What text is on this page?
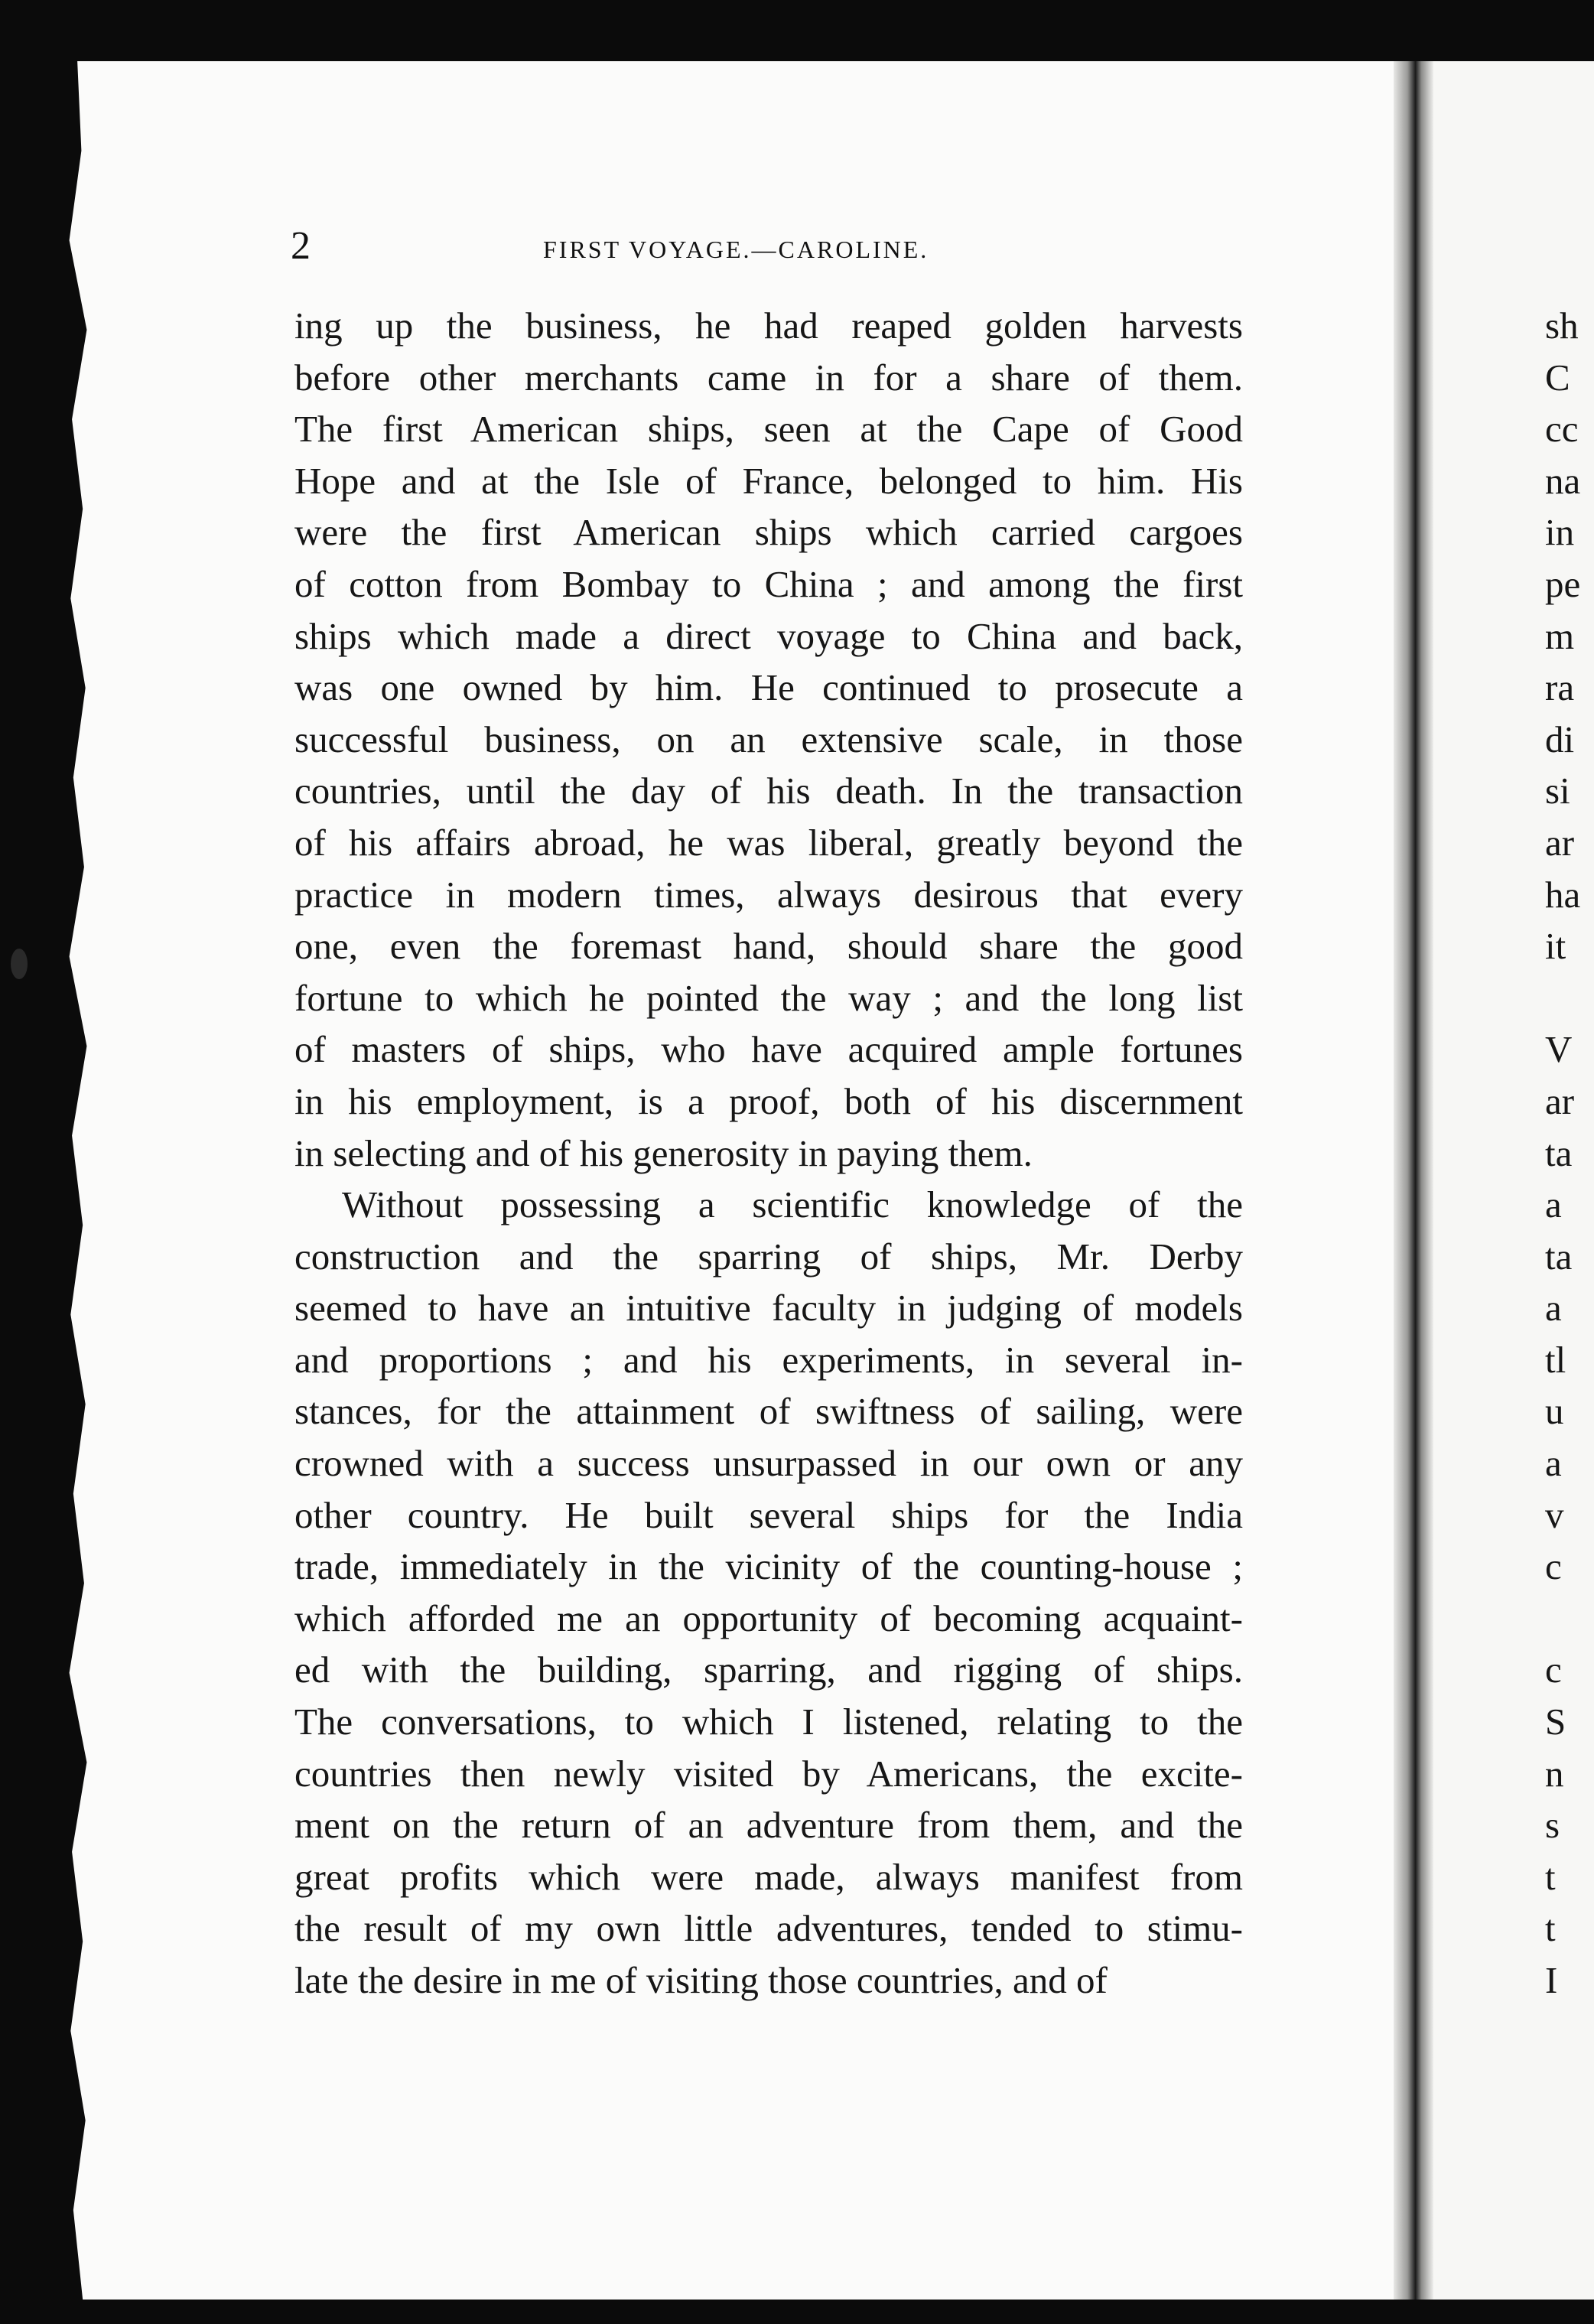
2	FIRST VOYAGE.—CAROLINE.
ing up the business, he had reaped golden harvests
before other merchants came in for a share of them.
The first American ships, seen at the Cape of Good
Hope and at the Isle of France, belonged to him. His
were the first American ships which carried cargoes
of cotton from Bombay to China ; and among the first
ships which made a direct voyage to China and back,
was one owned by him. He continued to prosecute a
successful business, on an extensive scale, in those
countries, until the day of his death. In the transaction
of his affairs abroad, he was liberal, greatly beyond the
practice in modern times, always desirous that every
one, even the foremast hand, should share the good
fortune to which he pointed the way ; and the long list
of masters of ships, who have acquired ample fortunes
in his employment, is a proof, both of his discernment
in selecting and of his generosity in paying them.
Without possessing a scientific knowledge of the
construction and the sparring of ships, Mr. Derby
seemed to have an intuitive faculty in judging of models
and proportions ; and his experiments, in several in-
stances, for the attainment of swiftness of sailing, were
crowned with a success unsurpassed in our own or any
other country. He built several ships for the India
trade, immediately in the vicinity of the counting-house ;
which afforded me an opportunity of becoming acquaint-
ed with the building, sparring, and rigging of ships.
The conversations, to which I listened, relating to the
countries then newly visited by Americans, the excite-
ment on the return of an adventure from them, and the
great profits which were made, always manifest from
the result of my own little adventures, tended to stimu-
late the desire in me of visiting those countries, and of
sh
C
cc
na
in
pe
m
ra
di
si
ar
ha
it
V
ar
ta
a
ta
a
tl
u
a
v
c
c
S
n
s
t
t
I
